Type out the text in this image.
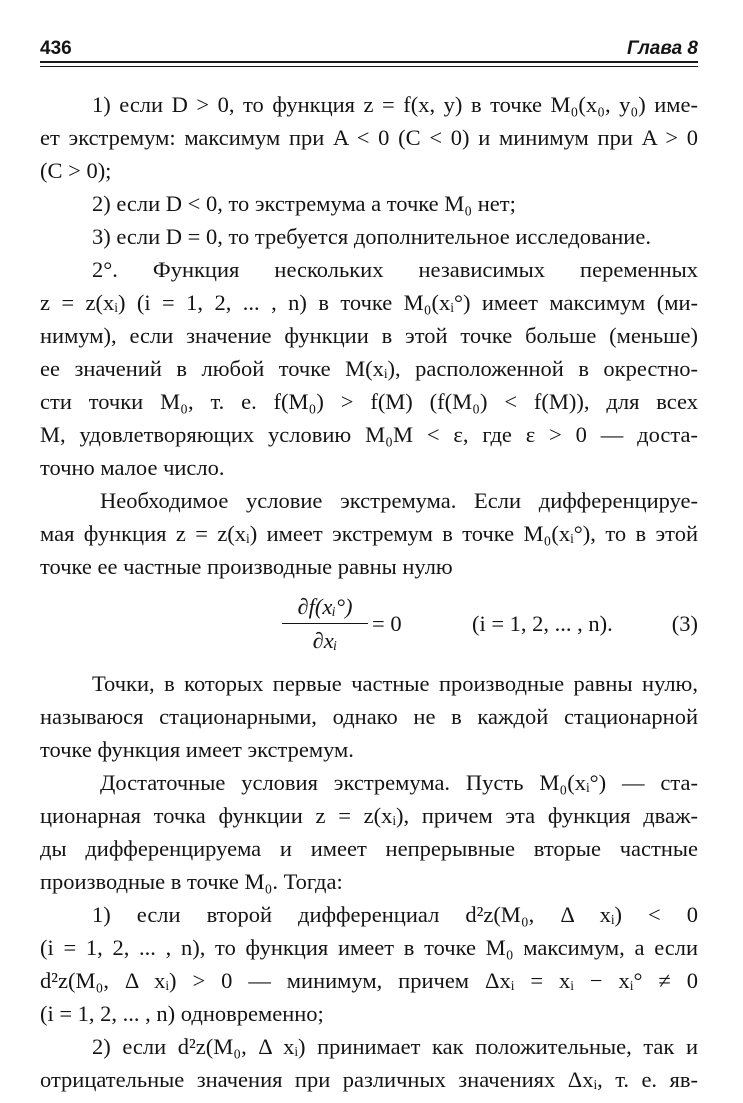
436	Глава 8
1) если D > 0, то функция z = f(x, y) в точке M₀(x₀, y₀) име-
ет экстремум: максимум при A < 0 (C < 0) и минимум при A > 0
(C > 0);
2) если D < 0, то экстремума а точке M₀ нет;
3) если D = 0, то требуется дополнительное исследование.
2°. Функция нескольких независимых переменных
z = z(xᵢ) (i = 1, 2, ... , n) в точке M₀(xᵢ°) имеет максимум (ми-
нимум), если значение функции в этой точке больше (меньше)
ее значений в любой точке M(xᵢ), расположенной в окрестно-
сти точки M₀, т. е. f(M₀) > f(M) (f(M₀) < f(M)), для всех
M, удовлетворяющих условию M₀M < ε, где ε > 0 — доста-
точно малое число.
Необходимое условие экстремума. Если дифференцируе-
мая функция z = z(xᵢ) имеет экстремум в точке M₀(xᵢ°), то в этой
точке ее частные производные равны нулю
$\frac{\text{∂f(xᵢ°)}}{\text{∂xᵢ}} = 0$	(i = 1, 2, ... , n).	(3)
Точки, в которых первые частные производные равны нулю,
называюся стационарными, однако не в каждой стационарной
точке функция имеет экстремум.
Достаточные условия экстремума. Пусть M₀(xᵢ°) — ста-
ционарная точка функции z = z(xᵢ), причем эта функция дваж-
ды дифференцируема и имеет непрерывные вторые частные
производные в точке M₀. Тогда:
1) если второй дифференциал d²z(M₀, Δ xᵢ) < 0
(i = 1, 2, ... , n), то функция имеет в точке M₀ максимум, а если
d²z(M₀, Δ xᵢ) > 0 — минимум, причем Δxᵢ = xᵢ − xᵢ° ≠ 0
(i = 1, 2, ... , n) одновременно;
2) если d²z(M₀, Δ xᵢ) принимает как положительные, так и
отрицательные значения при различных значениях Δxᵢ, т. е. яв-
